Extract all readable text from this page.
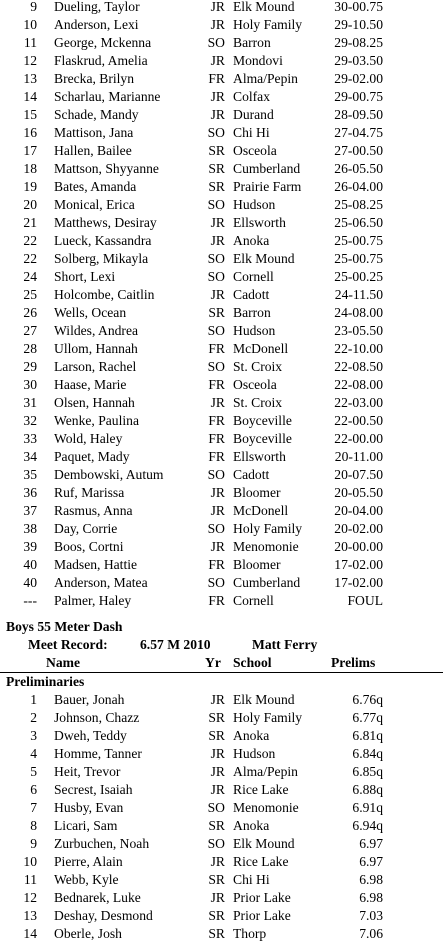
9 Dueling, Taylor	JR Elk Mound	30-00.75
10 Anderson, Lexi	JR Holy Family 29-10.50
11 George, Mckenna	SO Barron	29-08.25
12 Flaskrud, Amelia	JR Mondovi	29-03.50
13 Brecka, Brilyn	FR Alma/Pepin	29-02.00
14 Scharlau, Marianne	JR Colfax	29-00.75
15 Schade, Mandy	JR Durand	28-09.50
16 Mattison, Jana	SO Chi Hi	27-04.75
17 Hallen, Bailee	SR Osceola	27-00.50
18 Mattson, Shyyanne	SR Cumberland	26-05.50
19 Bates, Amanda	SR Prairie Farm 26-04.00
20 Monical, Erica	SO Hudson	25-08.25
21 Matthews, Desiray	JR Ellsworth	25-06.50
22 Lueck, Kassandra	JR Anoka	25-00.75
22 Solberg, Mikayla	SO Elk Mound	25-00.75
24 Short, Lexi	SO Cornell	25-00.25
25 Holcombe, Caitlin	JR Cadott	24-11.50
26 Wells, Ocean	SR Barron	24-08.00
27 Wildes, Andrea	SO Hudson	23-05.50
28 Ullom, Hannah	FR McDonell	22-10.00
29 Larson, Rachel	SO St. Croix	22-08.50
30 Haase, Marie	FR Osceola	22-08.00
31 Olsen, Hannah	JR St. Croix	22-03.00
32 Wenke, Paulina	FR Boyceville	22-00.50
33 Wold, Haley	FR Boyceville	22-00.00
34 Paquet, Mady	FR Ellsworth	20-11.00
35 Dembowski, Autum	SO Cadott	20-07.50
36 Ruf, Marissa	JR Bloomer	20-05.50
37 Rasmus, Anna	JR McDonell	20-04.00
38 Day, Corrie	SO Holy Family 20-02.00
39 Boos, Cortni	JR Menomonie	20-00.00
40 Madsen, Hattie	FR Bloomer	17-02.00
40 Anderson, Matea	SO Cumberland	17-02.00
--- Palmer, Haley	FR Cornell	FOUL
Boys 55 Meter Dash
Meet Record: 6.57 M 2010	Matt Ferry
Name	Yr School	Prelims
Preliminaries
1 Bauer, Jonah	JR Elk Mound	6.76q
2 Johnson, Chazz	SR Holy Family	6.77q
3 Dweh, Teddy	SR Anoka	6.81q
4 Homme, Tanner	JR Hudson	6.84q
5 Heit, Trevor	JR Alma/Pepin	6.85q
6 Secrest, Isaiah	JR Rice Lake	6.88q
7 Husby, Evan	SO Menomonie	6.91q
8 Licari, Sam	SR Anoka	6.94q
9 Zurbuchen, Noah	SO Elk Mound	6.97
10 Pierre, Alain	JR Rice Lake	6.97
11 Webb, Kyle	SR Chi Hi	6.98
12 Bednarek, Luke	JR Prior Lake	6.98
13 Deshay, Desmond	SR Prior Lake	7.03
14 Oberle, Josh	SR Thorp	7.06
